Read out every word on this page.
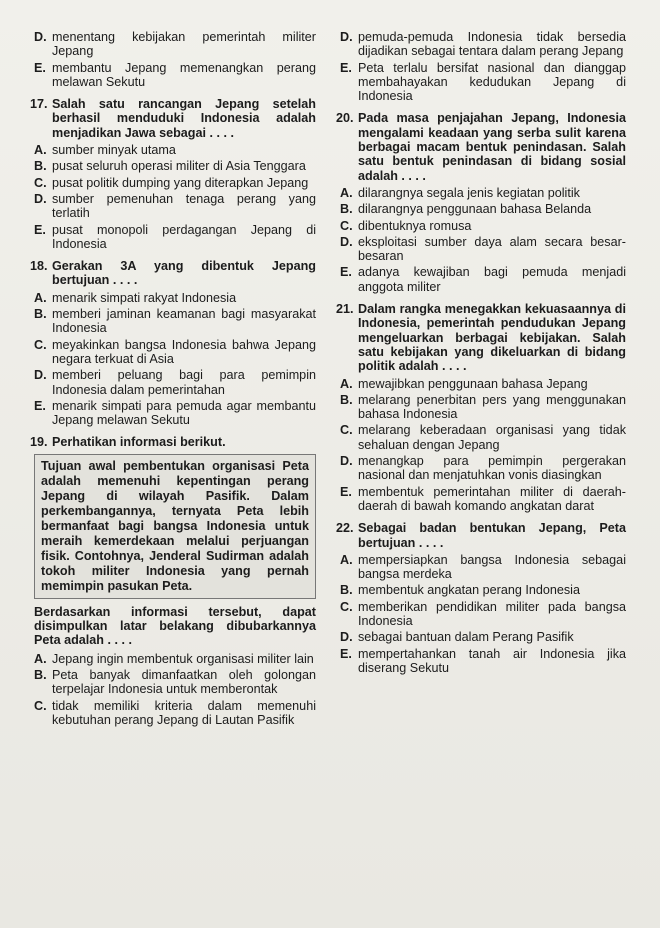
D. menentang kebijakan pemerintah militer Jepang
E. membantu Jepang memenangkan perang melawan Sekutu
17. Salah satu rancangan Jepang setelah berhasil menduduki Indonesia adalah menjadikan Jawa sebagai . . . .
A. sumber minyak utama
B. pusat seluruh operasi militer di Asia Tenggara
C. pusat politik dumping yang diterapkan Jepang
D. sumber pemenuhan tenaga perang yang terlatih
E. pusat monopoli perdagangan Jepang di Indonesia
18. Gerakan 3A yang dibentuk Jepang bertujuan . . . .
A. menarik simpati rakyat Indonesia
B. memberi jaminan keamanan bagi masyarakat Indonesia
C. meyakinkan bangsa Indonesia bahwa Jepang negara terkuat di Asia
D. memberi peluang bagi para pemimpin Indonesia dalam pemerintahan
E. menarik simpati para pemuda agar membantu Jepang melawan Sekutu
19. Perhatikan informasi berikut.
Tujuan awal pembentukan organisasi Peta adalah memenuhi kepentingan perang Jepang di wilayah Pasifik. Dalam perkembangannya, ternyata Peta lebih bermanfaat bagi bangsa Indonesia untuk meraih kemerdekaan melalui perjuangan fisik. Contohnya, Jenderal Sudirman adalah tokoh militer Indonesia yang pernah memimpin pasukan Peta.
Berdasarkan informasi tersebut, dapat disimpulkan latar belakang dibubarkannya Peta adalah . . . .
A. Jepang ingin membentuk organisasi militer lain
B. Peta banyak dimanfaatkan oleh golongan terpelajar Indonesia untuk memberontak
C. tidak memiliki kriteria dalam memenuhi kebutuhan perang Jepang di Lautan Pasifik
D. pemuda-pemuda Indonesia tidak bersedia dijadikan sebagai tentara dalam perang Jepang
E. Peta terlalu bersifat nasional dan dianggap membahayakan kedudukan Jepang di Indonesia
20. Pada masa penjajahan Jepang, Indonesia mengalami keadaan yang serba sulit karena berbagai macam bentuk penindasan. Salah satu bentuk penindasan di bidang sosial adalah . . . .
A. dilarangnya segala jenis kegiatan politik
B. dilarangnya penggunaan bahasa Belanda
C. dibentuknya romusa
D. eksploitasi sumber daya alam secara besar-besaran
E. adanya kewajiban bagi pemuda menjadi anggota militer
21. Dalam rangka menegakkan kekuasaannya di Indonesia, pemerintah pendudukan Jepang mengeluarkan berbagai kebijakan. Salah satu kebijakan yang dikeluarkan di bidang politik adalah . . . .
A. mewajibkan penggunaan bahasa Jepang
B. melarang penerbitan pers yang menggunakan bahasa Indonesia
C. melarang keberadaan organisasi yang tidak sehaluan dengan Jepang
D. menangkap para pemimpin pergerakan nasional dan menjatuhkan vonis diasingkan
E. membentuk pemerintahan militer di daerah-daerah di bawah komando angkatan darat
22. Sebagai badan bentukan Jepang, Peta bertujuan . . . .
A. mempersiapkan bangsa Indonesia sebagai bangsa merdeka
B. membentuk angkatan perang Indonesia
C. memberikan pendidikan militer pada bangsa Indonesia
D. sebagai bantuan dalam Perang Pasifik
E. mempertahankan tanah air Indonesia jika diserang Sekutu
